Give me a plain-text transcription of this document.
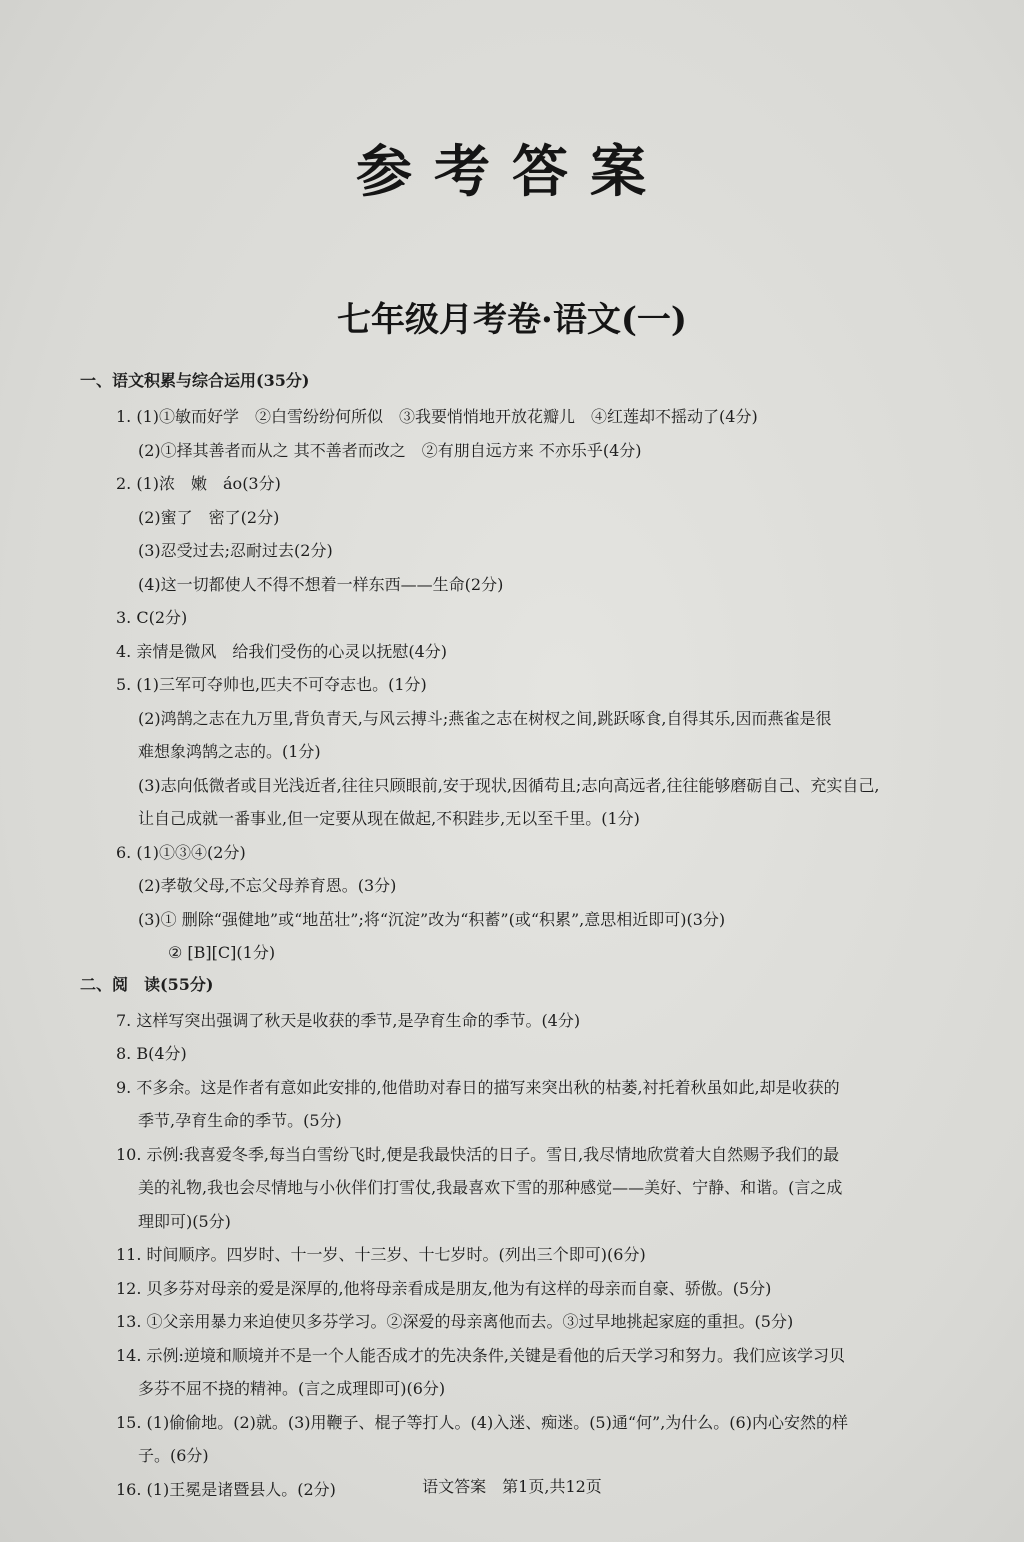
参考答案
七年级月考卷·语文(一)
一、语文积累与综合运用(35分)
1. (1)①敏而好学　②白雪纷纷何所似　③我要悄悄地开放花瓣儿　④红莲却不摇动了(4分)
(2)①择其善者而从之 其不善者而改之　②有朋自远方来 不亦乐乎(4分)
2. (1)浓　嫩　áo(3分)
(2)蜜了　密了(2分)
(3)忍受过去;忍耐过去(2分)
(4)这一切都使人不得不想着一样东西——生命(2分)
3. C(2分)
4. 亲情是微风　给我们受伤的心灵以抚慰(4分)
5. (1)三军可夺帅也,匹夫不可夺志也。(1分)
(2)鸿鹄之志在九万里,背负青天,与风云搏斗;燕雀之志在树杈之间,跳跃啄食,自得其乐,因而燕雀是很
难想象鸿鹄之志的。(1分)
(3)志向低微者或目光浅近者,往往只顾眼前,安于现状,因循苟且;志向高远者,往往能够磨砺自己、充实自己,
让自己成就一番事业,但一定要从现在做起,不积跬步,无以至千里。(1分)
6. (1)①③④(2分)
(2)孝敬父母,不忘父母养育恩。(3分)
(3)① 删除“强健地”或“地茁壮”;将“沉淀”改为“积蓄”(或“积累”,意思相近即可)(3分)
② [B][C](1分)
二、阅　读(55分)
7. 这样写突出强调了秋天是收获的季节,是孕育生命的季节。(4分)
8. B(4分)
9. 不多余。这是作者有意如此安排的,他借助对春日的描写来突出秋的枯萎,衬托着秋虽如此,却是收获的
季节,孕育生命的季节。(5分)
10. 示例:我喜爱冬季,每当白雪纷飞时,便是我最快活的日子。雪日,我尽情地欣赏着大自然赐予我们的最
美的礼物,我也会尽情地与小伙伴们打雪仗,我最喜欢下雪的那种感觉——美好、宁静、和谐。(言之成
理即可)(5分)
11. 时间顺序。四岁时、十一岁、十三岁、十七岁时。(列出三个即可)(6分)
12. 贝多芬对母亲的爱是深厚的,他将母亲看成是朋友,他为有这样的母亲而自豪、骄傲。(5分)
13. ①父亲用暴力来迫使贝多芬学习。②深爱的母亲离他而去。③过早地挑起家庭的重担。(5分)
14. 示例:逆境和顺境并不是一个人能否成才的先决条件,关键是看他的后天学习和努力。我们应该学习贝
多芬不屈不挠的精神。(言之成理即可)(6分)
15. (1)偷偷地。(2)就。(3)用鞭子、棍子等打人。(4)入迷、痴迷。(5)通“何”,为什么。(6)内心安然的样
子。(6分)
16. (1)王冕是诸暨县人。(2分)	语文答案　第1页,共12页
